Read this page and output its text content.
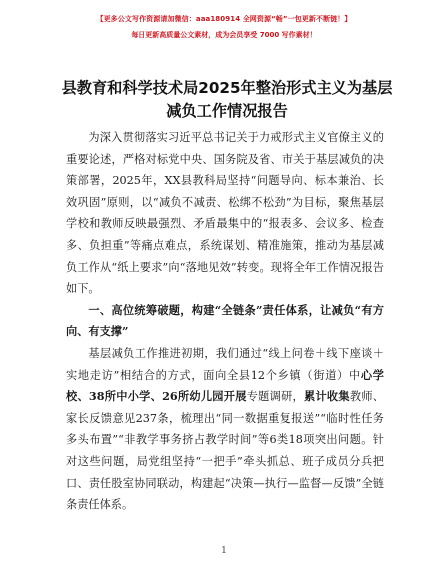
【更多公文写作资源请加微信：aaa180914 全网资源“畅”一包更新不断链！】
每日更新高质量公文素材，成为会员享受 7000 写作素材！
县教育和科学技术局2025年整治形式主义为基层减负工作情况报告

为深入贯彻落实习近平总书记关于力戒形式主义官僚主义的重要论述，严格对标党中央、国务院及省、市关于基层减负的决策部署，2025年，XX县教科局坚持“问题导向、标本兼治、长效巩固”原则，以“减负不减责、松绑不松劲”为目标，聚焦基层学校和教师反映最强烈、矛盾最集中的“报表多、会议多、检查多、负担重”等痛点难点，系统谋划、精准施策，推动为基层减负工作从“纸上要求”向“落地见效”转变。现将全年工作情况报告如下。

一、高位统筹破题，构建“全链条”责任体系，让减负“有方向、有支撑”

基层减负工作推进初期，我们通过“线上问卷＋线下座谈＋实地走访”相结合的方式，面向全县12个乡镇（街道）中心学校、38所中小学、26所幼儿园开展专题调研，累计收集教师、家长反馈意见237条，梳理出“同一数据重复报送”“临时性任务多头布置”“非教学事务挤占教学时间”等6类18项突出问题。针对这些问题，局党组坚持“一把手”牵头抓总、班子成员分兵把口、责任股室协同联动，构建起“决策—执行—监督—反馈”全链条责任体系。

1
